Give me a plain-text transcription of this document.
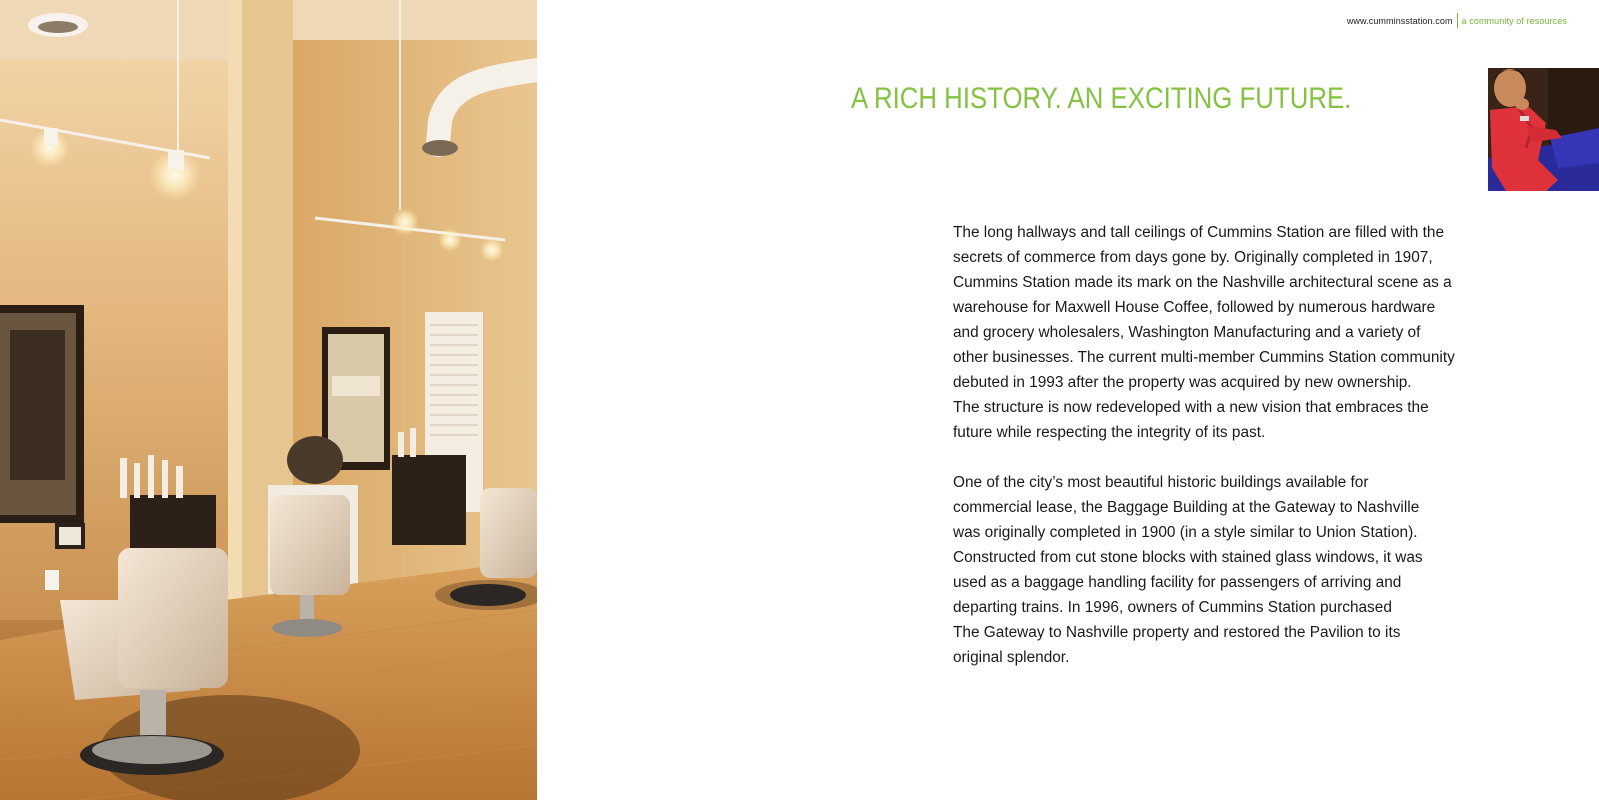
www.cumminsstation.com a community of resources
A RICH HISTORY. AN EXCITING FUTURE.

The long hallways and tall ceilings of Cummins Station are filled with the
secrets of commerce from days gone by. Originally completed in 1907,
Cummins Station made its mark on the Nashville architectural scene as a
warehouse for Maxwell House Coffee, followed by numerous hardware
and grocery wholesalers, Washington Manufacturing and a variety of
other businesses. The current multi-member Cummins Station community
debuted in 1993 after the property was acquired by new ownership.
The structure is now redeveloped with a new vision that embraces the
future while respecting the integrity of its past.

One of the city’s most beautiful historic buildings available for
commercial lease, the Baggage Building at the Gateway to Nashville
was originally completed in 1900 (in a style similar to Union Station).
Constructed from cut stone blocks with stained glass windows, it was
used as a baggage handling facility for passengers of arriving and
departing trains. In 1996, owners of Cummins Station purchased
The Gateway to Nashville property and restored the Pavilion to its
original splendor.
